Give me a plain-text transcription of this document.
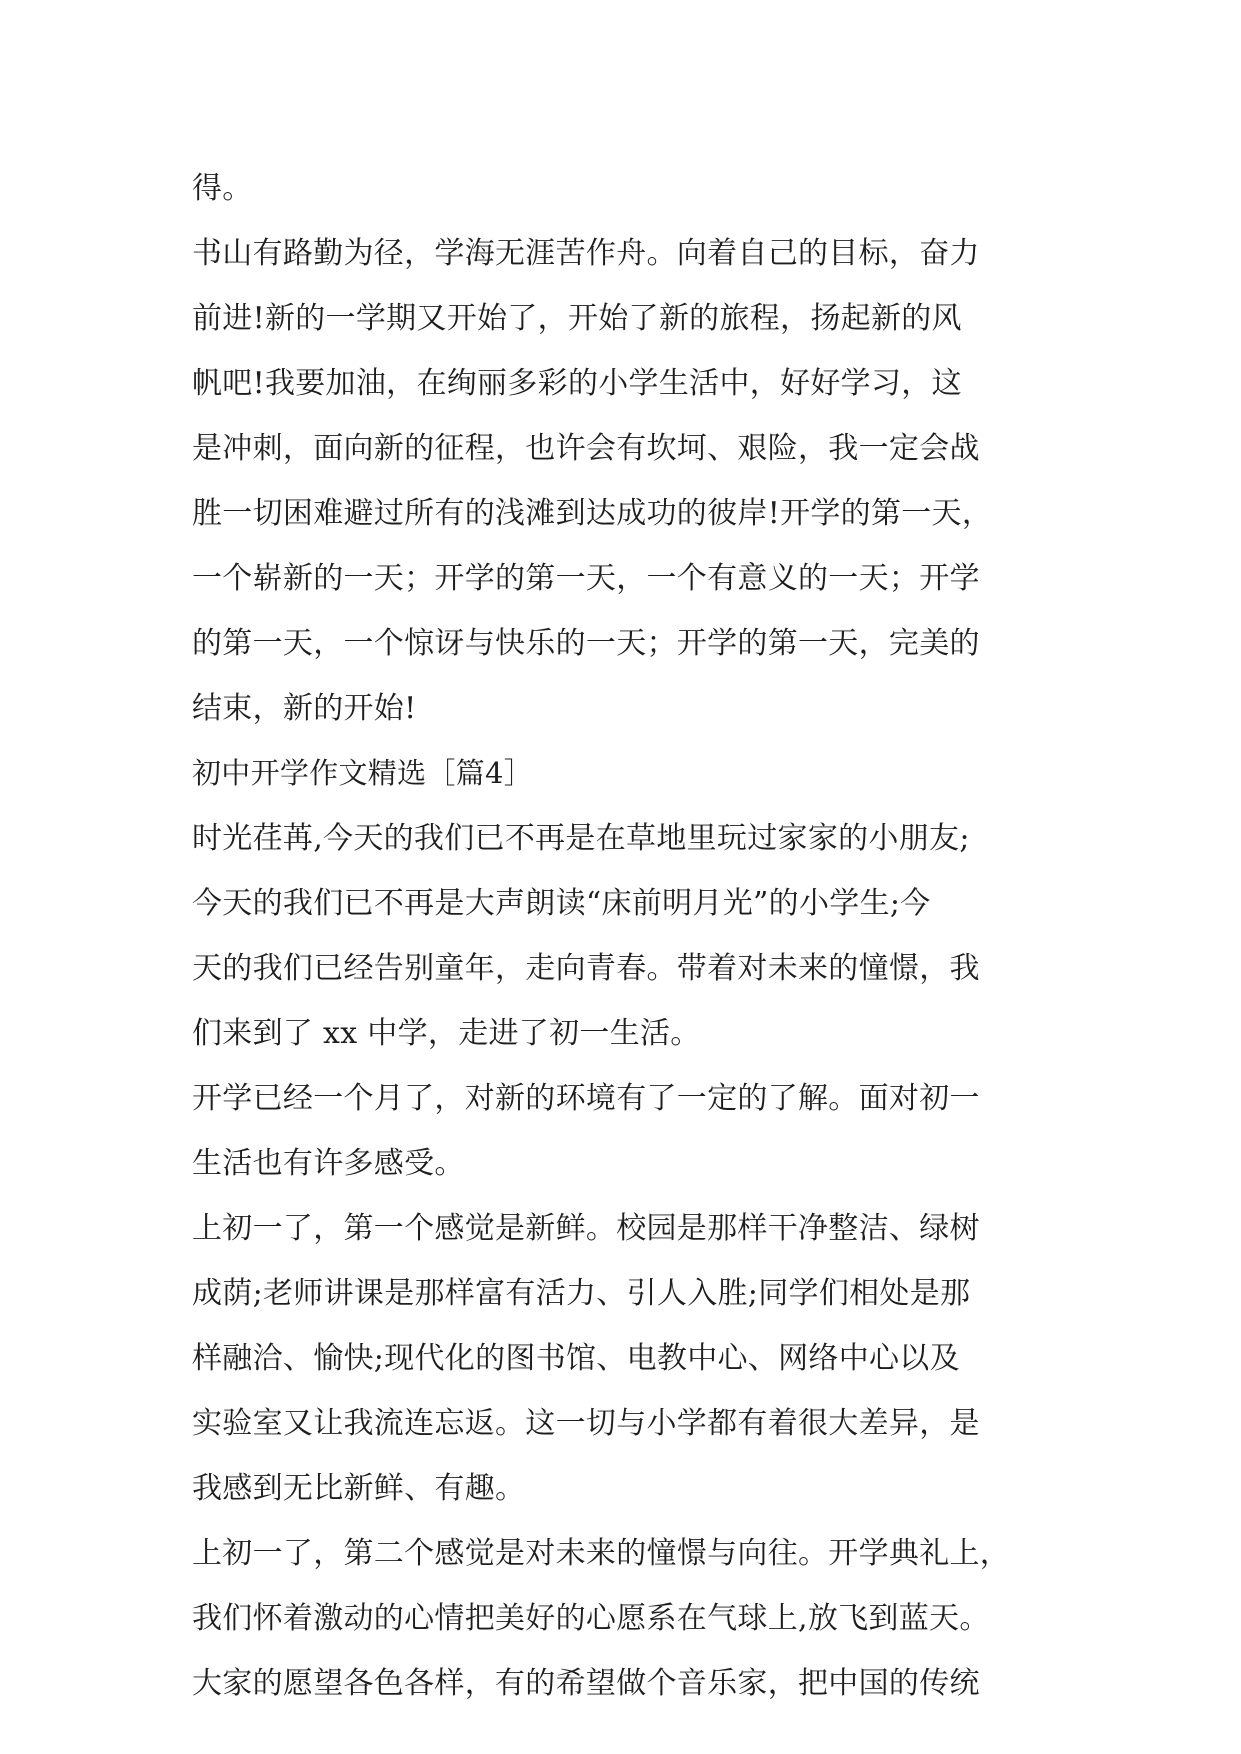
得。
书山有路勤为径，学海无涯苦作舟。向着自己的目标，奋力
前进!新的一学期又开始了，开始了新的旅程，扬起新的风
帆吧!我要加油，在绚丽多彩的小学生活中，好好学习，这
是冲刺，面向新的征程，也许会有坎坷、艰险，我一定会战
胜一切困难避过所有的浅滩到达成功的彼岸!开学的第一天，
一个崭新的一天；开学的第一天，一个有意义的一天；开学
的第一天，一个惊讶与快乐的一天；开学的第一天，完美的
结束，新的开始!
初中开学作文精选［篇4］
时光荏苒,今天的我们已不再是在草地里玩过家家的小朋友;
今天的我们已不再是大声朗读“床前明月光”的小学生;今
天的我们已经告别童年，走向青春。带着对未来的憧憬，我
们来到了 xx 中学，走进了初一生活。
开学已经一个月了，对新的环境有了一定的了解。面对初一
生活也有许多感受。
上初一了，第一个感觉是新鲜。校园是那样干净整洁、绿树
成荫;老师讲课是那样富有活力、引人入胜;同学们相处是那
样融洽、愉快;现代化的图书馆、电教中心、网络中心以及
实验室又让我流连忘返。这一切与小学都有着很大差异，是
我感到无比新鲜、有趣。
上初一了，第二个感觉是对未来的憧憬与向往。开学典礼上，
我们怀着激动的心情把美好的心愿系在气球上,放飞到蓝天。
大家的愿望各色各样，有的希望做个音乐家，把中国的传统
